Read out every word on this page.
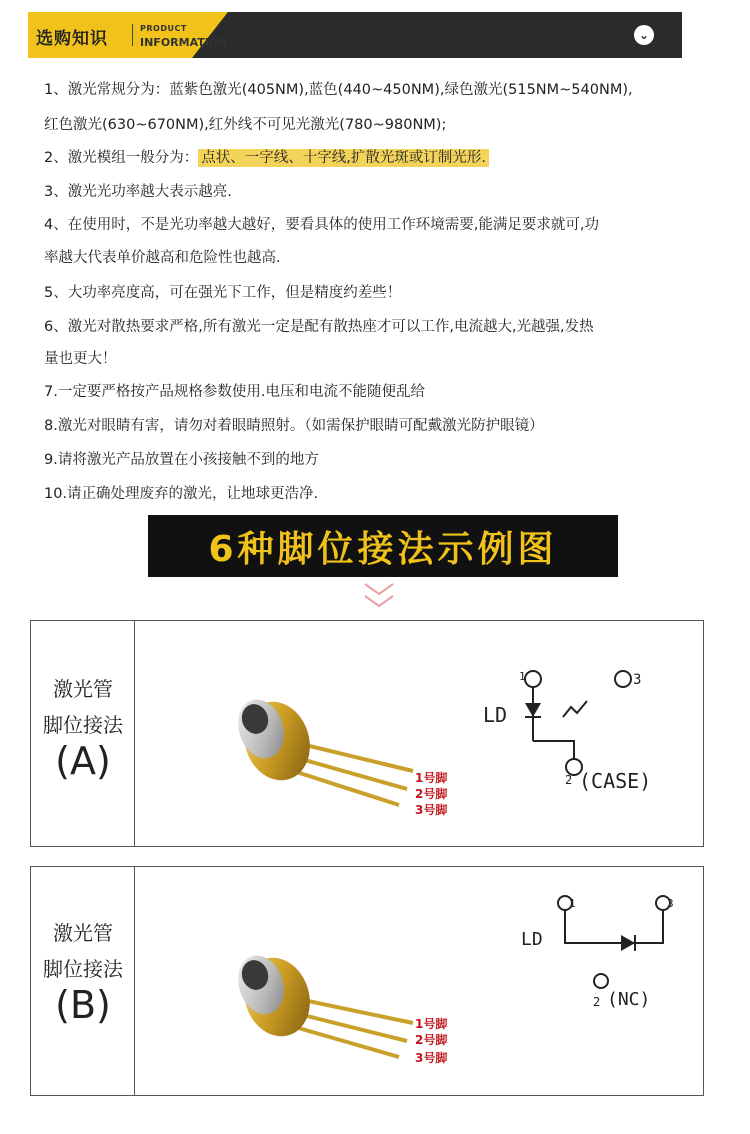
选购知识
PRODUCT
INFORMATION
⌄
1、激光常规分为：蓝紫色激光(405NM),蓝色(440~450NM),绿色激光(515NM~540NM),
红色激光(630~670NM),红外线不可见光激光(780~980NM);
2、激光模组一般分为： 点状、一字线、十字线,扩散光斑或订制光形.
3、激光光功率越大表示越亮.
4、在使用时，不是光功率越大越好，要看具体的使用工作环境需要,能满足要求就可,功
率越大代表单价越高和危险性也越高.
5、大功率亮度高，可在强光下工作，但是精度约差些！
6、激光对散热要求严格,所有激光一定是配有散热座才可以工作,电流越大,光越强,发热
量也更大！
7.一定要严格按产品规格参数使用.电压和电流不能随便乱给
8.激光对眼睛有害，请勿对着眼睛照射。（如需保护眼睛可配戴激光防护眼镜）
9.请将激光产品放置在小孩接触不到的地方
10.请正确处理废弃的激光，让地球更浩净.
6种脚位接法示例图
激光管
脚位接法
(A)	1号脚
2号脚
3号脚
1	3
LD
2 (CASE)
激光管
脚位接法
(B)	1号脚
2号脚
3号脚
1	3
LD
2 (NC)
